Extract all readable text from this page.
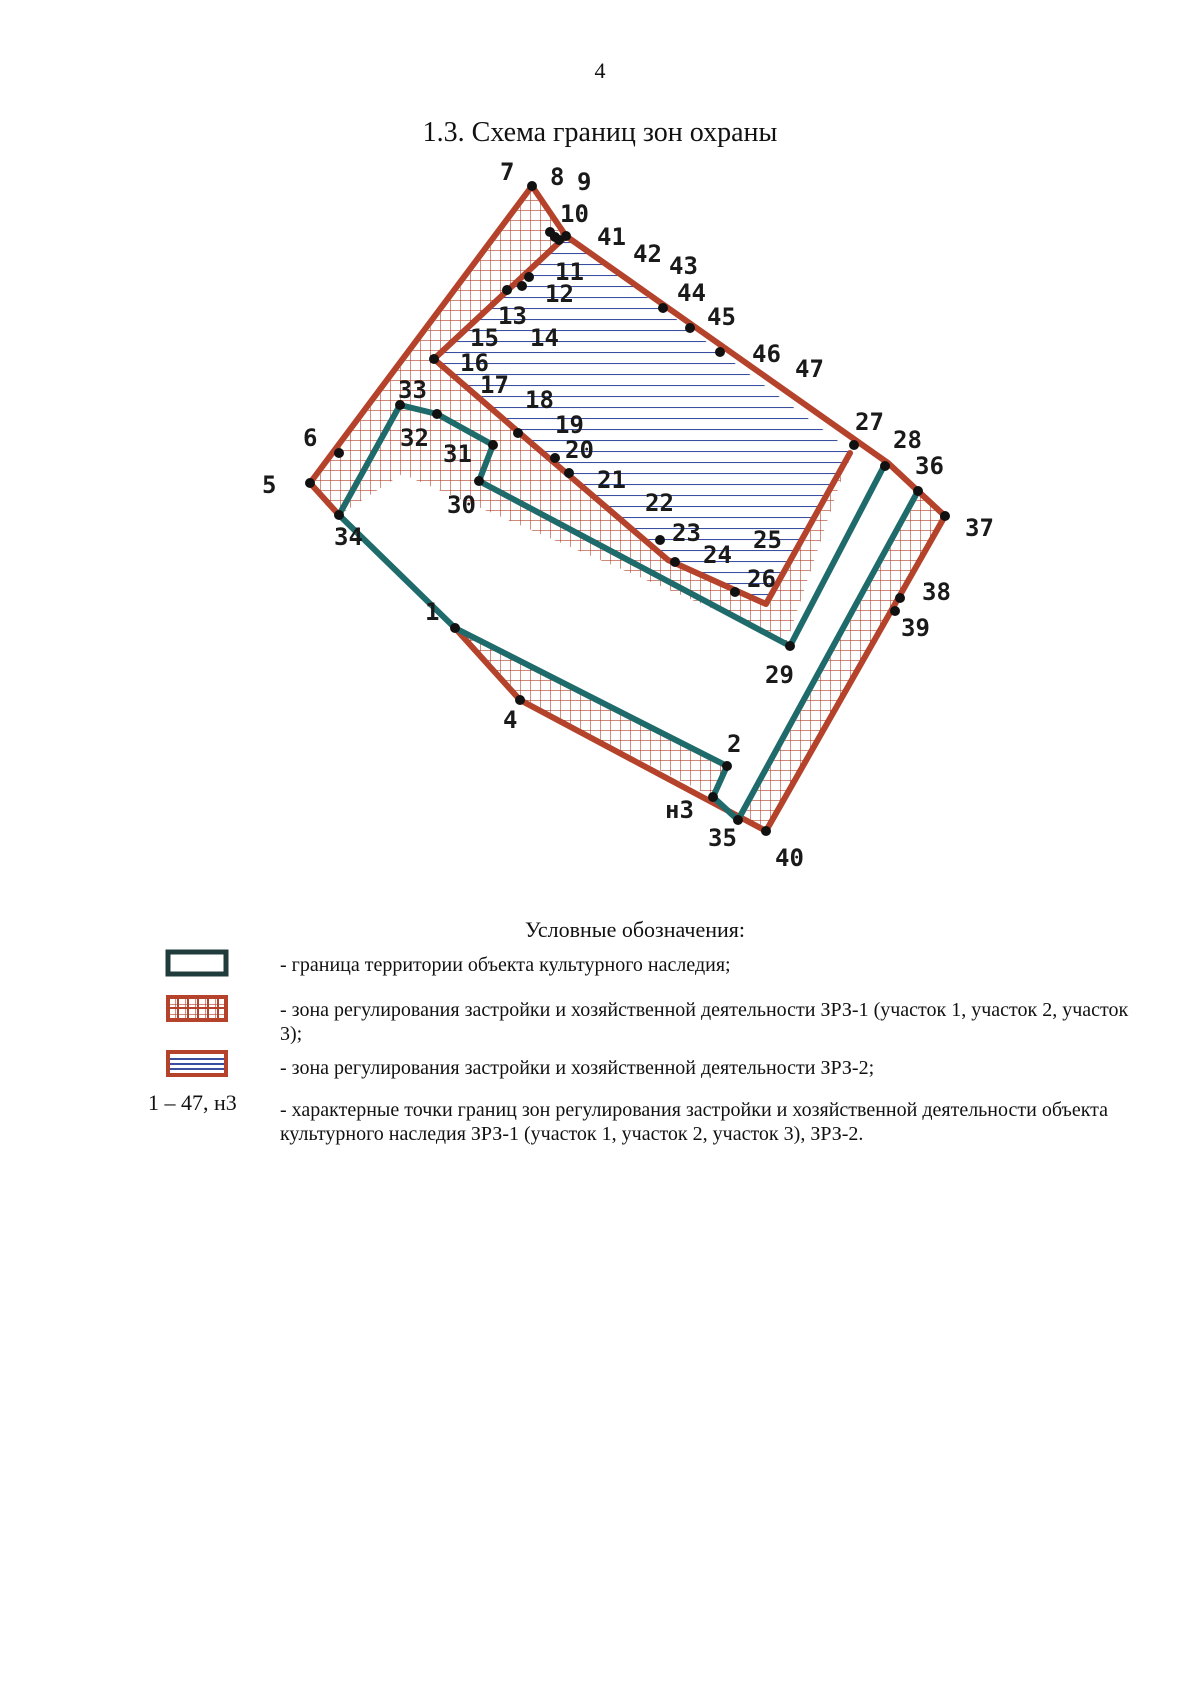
4
1.3. Схема границ зон охраны
1
2
н3
4
5
6
7 8 9
10
11
12
13
14
15
16
17
18
19
20
21
22
23
24
25
26
27
28
29
30
31
32
33
34
35
36
37
38
39
40
41
42 43
44
45
46
47
Условные обозначения:
- граница территории объекта культурного наследия;
- зона регулирования застройки и хозяйственной деятельности ЗРЗ-1 (участок 1, участок 2, участок 3);
- зона регулирования застройки и хозяйственной деятельности ЗРЗ-2;
1 – 47, н3	- характерные точки границ зон регулирования застройки и хозяйственной деятельности объекта культурного наследия ЗРЗ-1 (участок 1, участок 2, участок 3), ЗРЗ-2.
